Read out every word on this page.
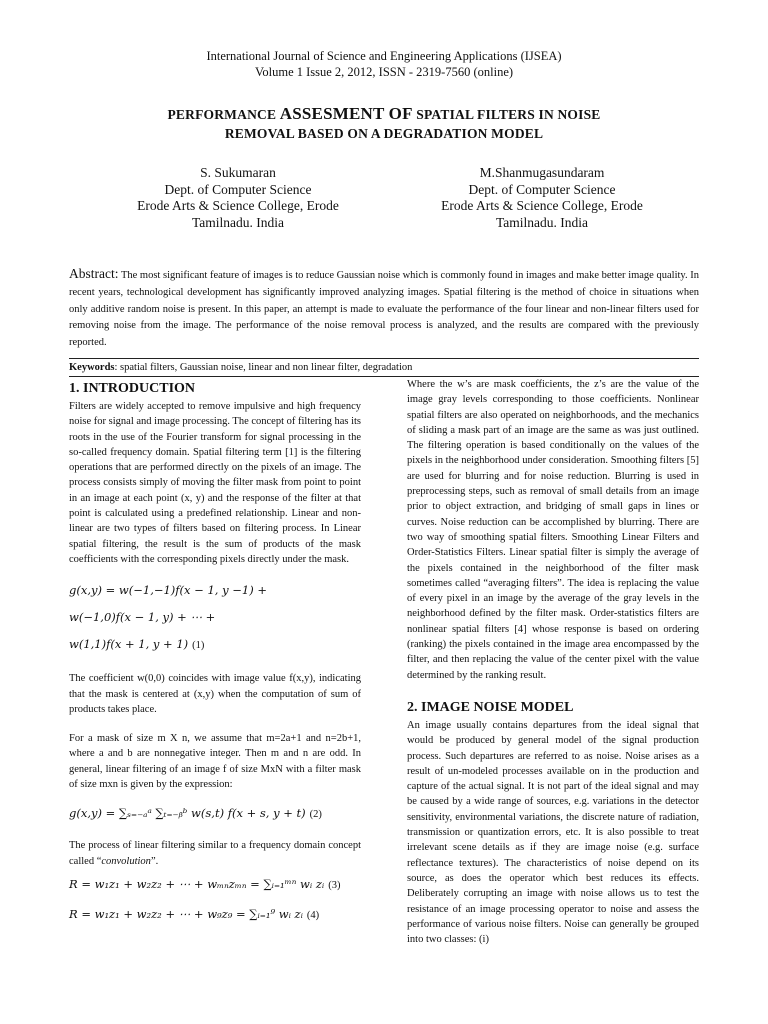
International Journal of Science and Engineering Applications (IJSEA)
Volume 1 Issue 2, 2012, ISSN - 2319-7560 (online)
PERFORMANCE ASSESMENT OF SPATIAL FILTERS IN NOISE
REMOVAL BASED ON A DEGRADATION MODEL
S. Sukumaran
Dept. of Computer Science
Erode Arts & Science College, Erode
Tamilnadu. India
M.Shanmugasundaram
Dept. of Computer Science
Erode Arts & Science College, Erode
Tamilnadu. India
Abstract: The most significant feature of images is to reduce Gaussian noise which is commonly found in images and make better image quality. In recent years, technological development has significantly improved analyzing images. Spatial filtering is the method of choice in situations when only additive random noise is present. In this paper, an attempt is made to evaluate the performance of the four linear and non-linear filters used for removing noise from the image. The performance of the noise removal process is analyzed, and the results are compared with the previously reported.
Keywords: spatial filters, Gaussian noise, linear and non linear filter, degradation
1. INTRODUCTION

Filters are widely accepted to remove impulsive and high frequency noise for signal and image processing. The concept of filtering has its roots in the use of the Fourier transform for signal processing in the so-called frequency domain. Spatial filtering term [1] is the filtering operations that are performed directly on the pixels of an image. The process consists simply of moving the filter mask from point to point in an image at each point (x, y) and the response of the filter at that point is calculated using a predefined relationship. Linear and non-linear are two types of filters based on filtering process. In Linear spatial filtering, the result is the sum of products of the mask coefficients with the corresponding pixels directly under the mask.

g(x,y) = w(−1,−1)f(x − 1, y −1) +
w(−1,0)f(x − 1, y) + ⋯ +
w(1,1)f(x + 1, y + 1) (1)

The coefficient w(0,0) coincides with image value f(x,y), indicating that the mask is centered at (x,y) when the computation of sum of products takes place.

For a mask of size m X n, we assume that m=2a+1 and n=2b+1, where a and b are nonnegative integer. Then m and n are odd. In general, linear filtering of an image f of size MxN with a filter mask of size mxn is given by the expression:

g(x,y) = ∑ₛ₌₋ₐᵃ ∑ₜ₌₋ᵦᵇ w(s,t) f(x + s, y + t) (2)

The process of linear filtering similar to a frequency domain concept called “convolution”.

R = w₁z₁ + w₂z₂ + ⋯ + wₘₙzₘₙ = ∑ᵢ₌₁ᵐⁿ wᵢ zᵢ (3)
R = w₁z₁ + w₂z₂ + ⋯ + w₉z₉ = ∑ᵢ₌₁⁹ wᵢ zᵢ (4)

Where the w’s are mask coefficients, the z’s are the value of the image gray levels corresponding to those coefficients. Nonlinear spatial filters are also operated on neighborhoods, and the mechanics of sliding a mask part of an image are the same as was just outlined. The filtering operation is based conditionally on the values of the pixels in the neighborhood under consideration. Smoothing filters [5] are used for blurring and for noise reduction. Blurring is used in preprocessing steps, such as removal of small details from an image prior to object extraction, and bridging of small gaps in lines or curves. Noise reduction can be accomplished by blurring. There are two way of smoothing spatial filters. Smoothing Linear Filters and Order-Statistics Filters. Linear spatial filter is simply the average of the pixels contained in the neighborhood of the filter mask sometimes called “averaging filters”. The idea is replacing the value of every pixel in an image by the average of the gray levels in the neighborhood defined by the filter mask. Order-statistics filters are nonlinear spatial filters [4] whose response is based on ordering (ranking) the pixels contained in the image area encompassed by the filter, and then replacing the value of the center pixel with the value determined by the ranking result.

2. IMAGE NOISE MODEL

An image usually contains departures from the ideal signal that would be produced by general model of the signal production process. Such departures are referred to as noise. Noise arises as a result of un-modeled processes available on in the production and capture of the actual signal. It is not part of the ideal signal and may be caused by a wide range of sources, e.g. variations in the detector sensitivity, environmental variations, the discrete nature of radiation, transmission or quantization errors, etc. It is also possible to treat irrelevant scene details as if they are image noise (e.g. surface reflectance textures). The characteristics of noise depend on its source, as does the operator which best reduces its effects. Deliberately corrupting an image with noise allows us to test the resistance of an image processing operator to noise and assess the performance of various noise filters. Noise can generally be grouped into two classes: (i)
